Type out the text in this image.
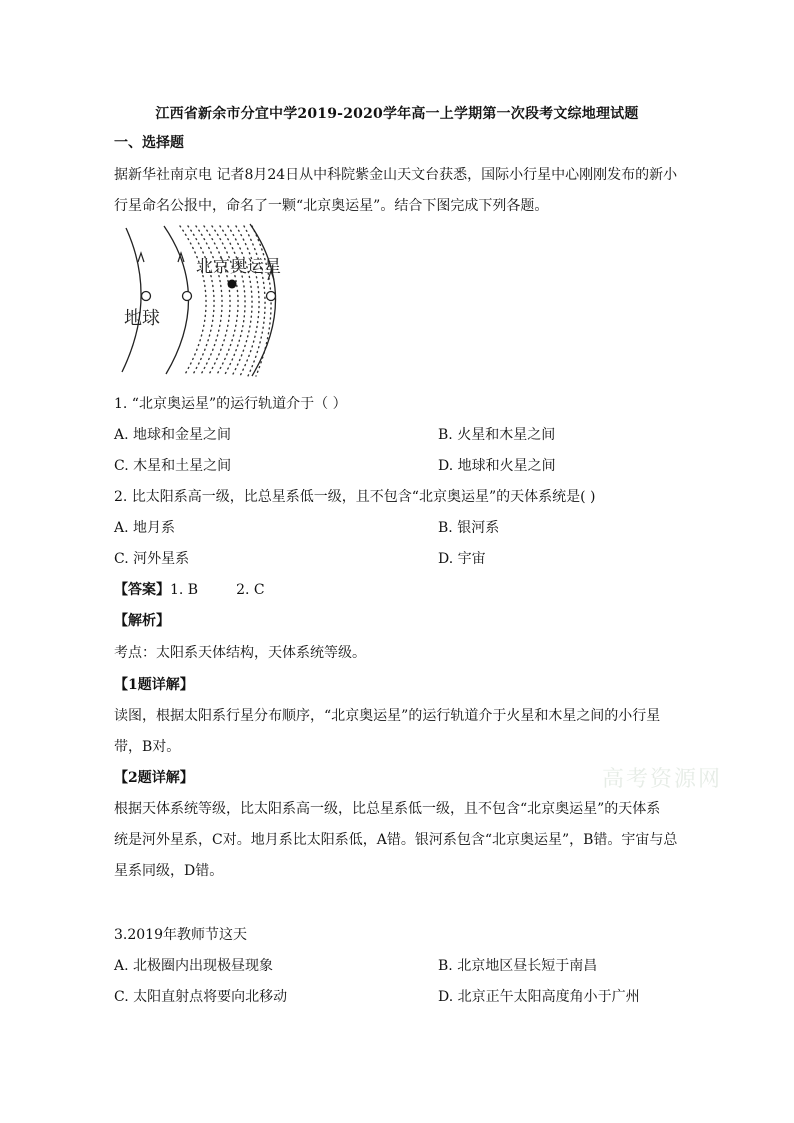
江西省新余市分宜中学2019-2020学年高一上学期第一次段考文综地理试题
一、选择题
据新华社南京电 记者8月24日从中科院紫金山天文台获悉，国际小行星中心刚刚发布的新小
行星命名公报中，命名了一颗“北京奥运星”。结合下图完成下列各题。
北京奥运星
地球
1. “北京奥运星”的运行轨道介于（ ）
A. 地球和金星之间	B. 火星和木星之间
C. 木星和土星之间	D. 地球和火星之间
2. 比太阳系高一级，比总星系低一级，且不包含“北京奥运星”的天体系统是( )
A. 地月系	B. 银河系
C. 河外星系	D. 宇宙
【答案】1. B	2. C
【解析】
考点：太阳系天体结构，天体系统等级。
【1题详解】
读图，根据太阳系行星分布顺序，“北京奥运星”的运行轨道介于火星和木星之间的小行星
带，B对。
【2题详解】
根据天体系统等级，比太阳系高一级，比总星系低一级，且不包含“北京奥运星”的天体系
统是河外星系，C对。地月系比太阳系低，A错。银河系包含“北京奥运星”，B错。宇宙与总
星系同级，D错。
3.2019年教师节这天
A. 北极圈内出现极昼现象	B. 北京地区昼长短于南昌
C. 太阳直射点将要向北移动	D. 北京正午太阳高度角小于广州
高考资源网
